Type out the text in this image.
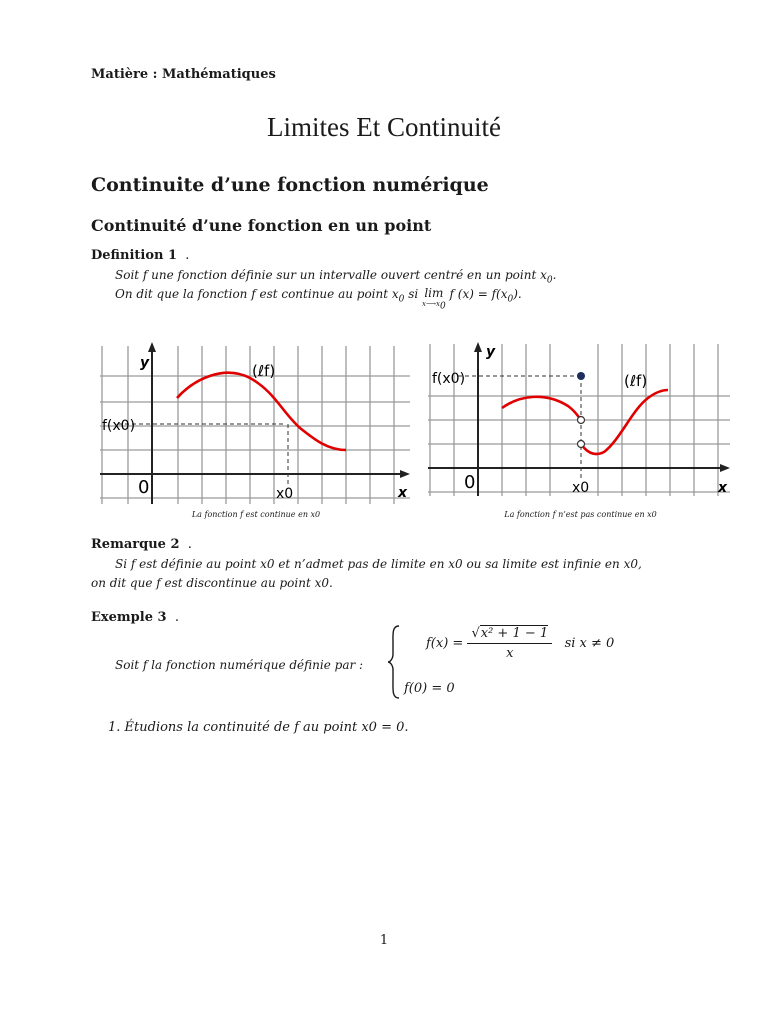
Matière : Mathématiques
Limites Et Continuité
Continuite d’une fonction numérique
Continuité d’une fonction en un point
Definition 1  .
Soit f une fonction définie sur un intervalle ouvert centré en un point $x_0$.
On dit que la fonction f est continue au point $x_0$ si lim
$x⟶x_0$
f $(x) = f(x_0)$.
y
x
0
(ℓf)
f(x0)
x0
La fonction f est continue en x0
y
x
0
(ℓf)
f(x0)
x0
La fonction f n’est pas continue en x0
Remarque 2  .
Si f est définie au point x0 et n’admet pas de limite en x0 ou sa limite est infinie en x0,
on dit que f est discontinue au point x0.
Exemple 3  .
Soit f la fonction numérique définie par :
$f(x) = \frac{\text{√x² + 1 − 1}}{x}$ si x ≠ 0
f(0) = 0
1. Étudions la continuité de f au point x0 = 0.
1
